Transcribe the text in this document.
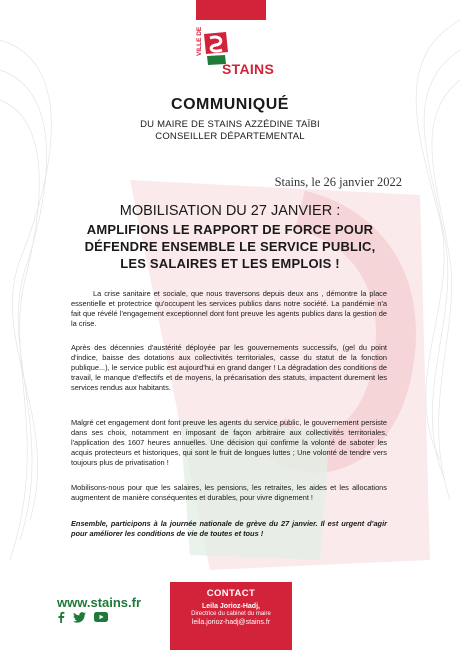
VILLE DE
STAINS
COMMUNIQUÉ
DU MAIRE DE STAINS AZZÉDINE TAÏBI
CONSEILLER DÉPARTEMENTAL
Stains, le 26 janvier 2022
MOBILISATION DU 27 JANVIER :
AMPLIFIONS LE RAPPORT DE FORCE POUR
DÉFENDRE ENSEMBLE LE SERVICE PUBLIC,
LES SALAIRES ET LES EMPLOIS !
La crise sanitaire et sociale, que nous traversons depuis deux ans , démontre la place essentielle et protectrice qu'occupent les services publics dans notre société. La pandémie n'a fait que révélé l'engagement exceptionnel dont font preuve les agents publics dans la gestion de la crise.
Après des décennies d'austérité déployée par les gouvernements successifs, (gel du point d'indice, baisse des dotations aux collectivités territoriales, casse du statut de la fonction publique...), le service public est aujourd'hui en grand danger ! La dégradation des conditions de travail, le manque d'effectifs et de moyens, la précarisation des statuts, impactent durement les services rendus aux habitants.
Malgré cet engagement dont font preuve les agents du service public, le gouvernement persiste dans ses choix, notamment en imposant de façon arbitraire aux collectivités territoriales, l'application des 1607 heures annuelles. Une décision qui confirme la volonté de saboter les acquis protecteurs et historiques, qui sont le fruit de longues luttes ; Une volonté de tendre vers toujours plus de privatisation !
Mobilisons-nous pour que les salaires, les pensions, les retraites, les aides et les allocations augmentent de manière conséquentes et durables, pour vivre dignement !
Ensemble, participons à la journée nationale de grève du 27 janvier. Il est urgent d'agir pour améliorer les conditions de vie de toutes et tous !
www.stains.fr
CONTACT
Leila Jorioz-Hadj,
Directrice du cabinet du maire
leila.jorioz-hadj@stains.fr
